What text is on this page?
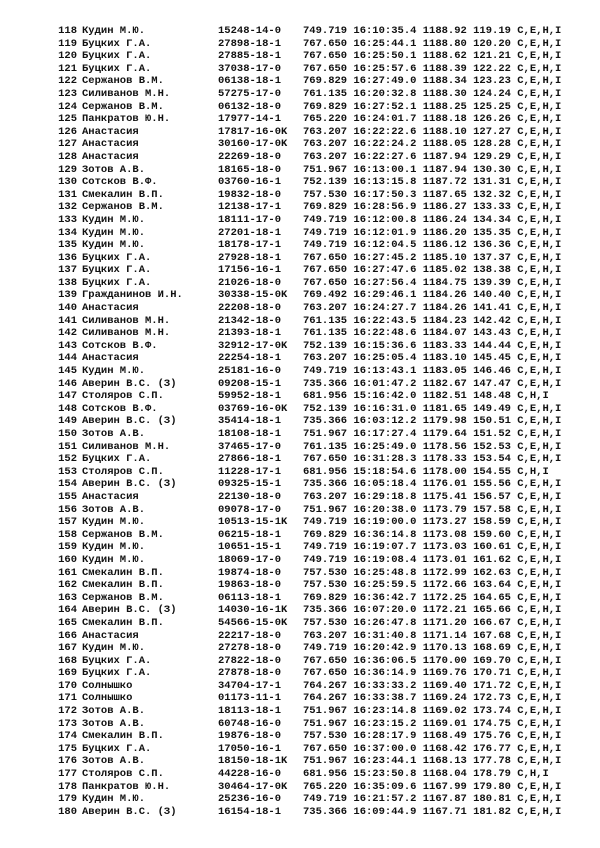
118 Кудин М.Ю.	15248-14-0 749.719 16:10:35.4 1188.92 119.19 C,E,H,I
119 Буцких Г.А.	27898-18-1 767.650 16:25:44.1 1188.80 120.20 C,E,H,I
120 Буцких Г.А.	27885-18-1 767.650 16:25:50.1 1188.62 121.21 C,E,H,I
121 Буцких Г.А.	37038-17-0 767.650 16:25:57.6 1188.39 122.22 C,E,H,I
122 Сержанов В.М.	06138-18-1 769.829 16:27:49.0 1188.34 123.23 C,E,H,I
123 Силиванов М.Н.	57275-17-0 761.135 16:20:32.8 1188.30 124.24 C,E,H,I
124 Сержанов В.М.	06132-18-0 769.829 16:27:52.1 1188.25 125.25 C,E,H,I
125 Панкратов Ю.Н.	17977-14-1 765.220 16:24:01.7 1188.18 126.26 C,E,H,I
126 Анастасия	17817-16-0K 763.207 16:22:22.6 1188.10 127.27 C,E,H,I
127 Анастасия	30160-17-0K 763.207 16:22:24.2 1188.05 128.28 C,E,H,I
128 Анастасия	22269-18-0 763.207 16:22:27.6 1187.94 129.29 C,E,H,I
129 Зотов А.В.	18165-18-0 751.967 16:13:00.1 1187.94 130.30 C,E,H,I
130 Сотсков В.Ф.	03760-16-1 752.139 16:13:15.8 1187.72 131.31 C,E,H,I
131 Смекалин В.П.	19832-18-0 757.530 16:17:50.3 1187.65 132.32 C,E,H,I
132 Сержанов В.М.	12138-17-1 769.829 16:28:56.9 1186.27 133.33 C,E,H,I
133 Кудин М.Ю.	18111-17-0 749.719 16:12:00.8 1186.24 134.34 C,E,H,I
134 Кудин М.Ю.	27201-18-1 749.719 16:12:01.9 1186.20 135.35 C,E,H,I
135 Кудин М.Ю.	18178-17-1 749.719 16:12:04.5 1186.12 136.36 C,E,H,I
136 Буцких Г.А.	27928-18-1 767.650 16:27:45.2 1185.10 137.37 C,E,H,I
137 Буцких Г.А.	17156-16-1 767.650 16:27:47.6 1185.02 138.38 C,E,H,I
138 Буцких Г.А.	21026-18-0 767.650 16:27:56.4 1184.75 139.39 C,E,H,I
139 Гражданинов И.Н.	30338-15-0K 769.492 16:29:46.1 1184.26 140.40 C,E,H,I
140 Анастасия	22208-18-0 763.207 16:24:27.7 1184.26 141.41 C,E,H,I
141 Силиванов М.Н.	21342-18-0 761.135 16:22:43.5 1184.23 142.42 C,E,H,I
142 Силиванов М.Н.	21393-18-1 761.135 16:22:48.6 1184.07 143.43 C,E,H,I
143 Сотсков В.Ф.	32912-17-0K 752.139 16:15:36.6 1183.33 144.44 C,E,H,I
144 Анастасия	22254-18-1 763.207 16:25:05.4 1183.10 145.45 C,E,H,I
145 Кудин М.Ю.	25181-16-0 749.719 16:13:43.1 1183.05 146.46 C,E,H,I
146 Аверин В.С. (З)	09208-15-1 735.366 16:01:47.2 1182.67 147.47 C,E,H,I
147 Столяров С.П.	59952-18-1 681.956 15:16:42.0 1182.51 148.48 C,H,I
148 Сотсков В.Ф.	03769-16-0K 752.139 16:16:31.0 1181.65 149.49 C,E,H,I
149 Аверин В.С. (З)	35414-18-1 735.366 16:03:12.2 1179.98 150.51 C,E,H,I
150 Зотов А.В.	18108-18-1 751.967 16:17:27.4 1179.64 151.52 C,E,H,I
151 Силиванов М.Н.	37465-17-0 761.135 16:25:49.0 1178.56 152.53 C,E,H,I
152 Буцких Г.А.	27866-18-1 767.650 16:31:28.3 1178.33 153.54 C,E,H,I
153 Столяров С.П.	11228-17-1 681.956 15:18:54.6 1178.00 154.55 C,H,I
154 Аверин В.С. (З)	09325-15-1 735.366 16:05:18.4 1176.01 155.56 C,E,H,I
155 Анастасия	22130-18-0 763.207 16:29:18.8 1175.41 156.57 C,E,H,I
156 Зотов А.В.	09078-17-0 751.967 16:20:38.0 1173.79 157.58 C,E,H,I
157 Кудин М.Ю.	10513-15-1K 749.719 16:19:00.0 1173.27 158.59 C,E,H,I
158 Сержанов В.М.	06215-18-1 769.829 16:36:14.8 1173.08 159.60 C,E,H,I
159 Кудин М.Ю.	10651-15-1 749.719 16:19:07.7 1173.03 160.61 C,E,H,I
160 Кудин М.Ю.	18069-17-0 749.719 16:19:08.4 1173.01 161.62 C,E,H,I
161 Смекалин В.П.	19874-18-0 757.530 16:25:48.8 1172.99 162.63 C,E,H,I
162 Смекалин В.П.	19863-18-0 757.530 16:25:59.5 1172.66 163.64 C,E,H,I
163 Сержанов В.М.	06113-18-1 769.829 16:36:42.7 1172.25 164.65 C,E,H,I
164 Аверин В.С. (З)	14030-16-1K 735.366 16:07:20.0 1172.21 165.66 C,E,H,I
165 Смекалин В.П.	54566-15-0K 757.530 16:26:47.8 1171.20 166.67 C,E,H,I
166 Анастасия	22217-18-0 763.207 16:31:40.8 1171.14 167.68 C,E,H,I
167 Кудин М.Ю.	27278-18-0 749.719 16:20:42.9 1170.13 168.69 C,E,H,I
168 Буцких Г.А.	27822-18-0 767.650 16:36:06.5 1170.00 169.70 C,E,H,I
169 Буцких Г.А.	27878-18-0 767.650 16:36:14.9 1169.76 170.71 C,E,H,I
170 Солнышко	34704-17-1 764.267 16:33:33.2 1169.40 171.72 C,E,H,I
171 Солнышко	01173-11-1 764.267 16:33:38.7 1169.24 172.73 C,E,H,I
172 Зотов А.В.	18113-18-1 751.967 16:23:14.8 1169.02 173.74 C,E,H,I
173 Зотов А.В.	60748-16-0 751.967 16:23:15.2 1169.01 174.75 C,E,H,I
174 Смекалин В.П.	19876-18-0 757.530 16:28:17.9 1168.49 175.76 C,E,H,I
175 Буцких Г.А.	17050-16-1 767.650 16:37:00.0 1168.42 176.77 C,E,H,I
176 Зотов А.В.	18150-18-1K 751.967 16:23:44.1 1168.13 177.78 C,E,H,I
177 Столяров С.П.	44228-16-0 681.956 15:23:50.8 1168.04 178.79 C,H,I
178 Панкратов Ю.Н.	30464-17-0K 765.220 16:35:09.6 1167.99 179.80 C,E,H,I
179 Кудин М.Ю.	25236-16-0 749.719 16:21:57.2 1167.87 180.81 C,E,H,I
180 Аверин В.С. (З)	16154-18-1 735.366 16:09:44.9 1167.71 181.82 C,E,H,I
